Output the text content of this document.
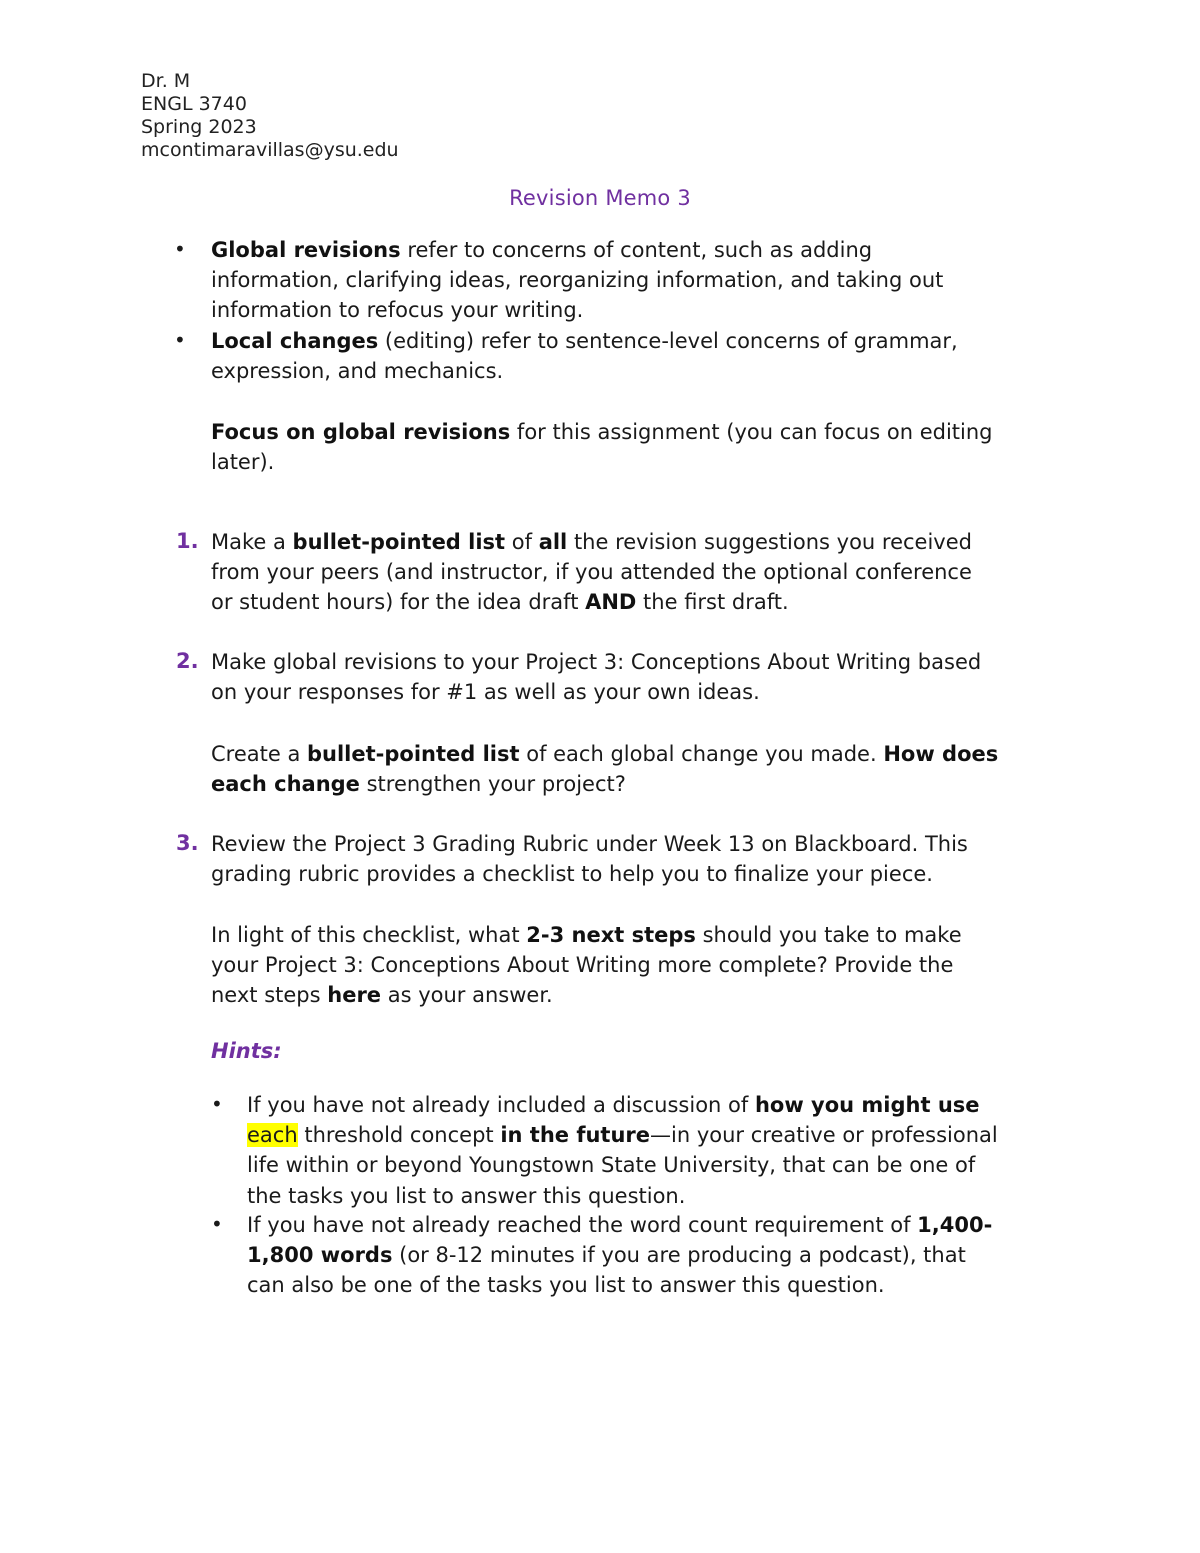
Dr. M
ENGL 3740
Spring 2023
mcontimaravillas@ysu.edu
Revision Memo 3
• Global revisions refer to concerns of content, such as adding
information, clarifying ideas, reorganizing information, and taking out
information to refocus your writing.
• Local changes (editing) refer to sentence-level concerns of grammar,
expression, and mechanics.
Focus on global revisions for this assignment (you can focus on editing
later).
1. Make a bullet-pointed list of all the revision suggestions you received
from your peers (and instructor, if you attended the optional conference
or student hours) for the idea draft AND the first draft.
2. Make global revisions to your Project 3: Conceptions About Writing based
on your responses for #1 as well as your own ideas.
Create a bullet-pointed list of each global change you made. How does
each change strengthen your project?
3. Review the Project 3 Grading Rubric under Week 13 on Blackboard. This
grading rubric provides a checklist to help you to finalize your piece.
In light of this checklist, what 2-3 next steps should you take to make
your Project 3: Conceptions About Writing more complete? Provide the
next steps here as your answer.
Hints:
• If you have not already included a discussion of how you might use
each threshold concept in the future—in your creative or professional
life within or beyond Youngstown State University, that can be one of
the tasks you list to answer this question.
• If you have not already reached the word count requirement of 1,400-
1,800 words (or 8-12 minutes if you are producing a podcast), that
can also be one of the tasks you list to answer this question.
